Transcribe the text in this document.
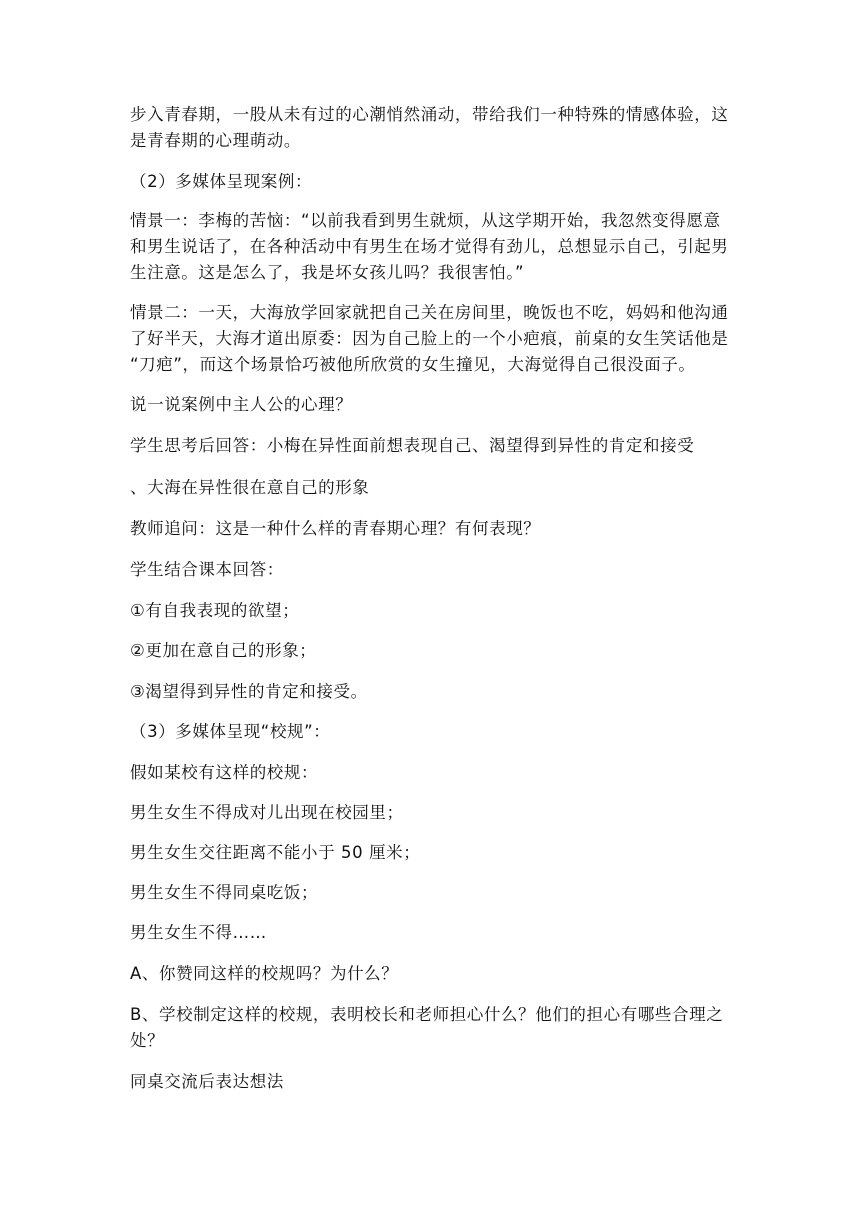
步入青春期，一股从未有过的心潮悄然涌动，带给我们一种特殊的情感体验，这
是青春期的心理萌动。

（2）多媒体呈现案例：

情景一：李梅的苦恼：“以前我看到男生就烦，从这学期开始，我忽然变得愿意
和男生说话了，在各种活动中有男生在场才觉得有劲儿，总想显示自己，引起男
生注意。这是怎么了，我是坏女孩儿吗？我很害怕。”

情景二：一天，大海放学回家就把自己关在房间里，晚饭也不吃，妈妈和他沟通
了好半天，大海才道出原委：因为自己脸上的一个小疤痕，前桌的女生笑话他是
“刀疤”，而这个场景恰巧被他所欣赏的女生撞见，大海觉得自己很没面子。

说一说案例中主人公的心理？

学生思考后回答：小梅在异性面前想表现自己、渴望得到异性的肯定和接受

、大海在异性很在意自己的形象

教师追问：这是一种什么样的青春期心理？有何表现？

学生结合课本回答：

①有自我表现的欲望；

②更加在意自己的形象；

③渴望得到异性的肯定和接受。

（3）多媒体呈现“校规”：

假如某校有这样的校规：

男生女生不得成对儿出现在校园里；

男生女生交往距离不能小于 50 厘米；

男生女生不得同桌吃饭；

男生女生不得……

A、你赞同这样的校规吗？为什么？

B、学校制定这样的校规，表明校长和老师担心什么？他们的担心有哪些合理之
处？

同桌交流后表达想法
